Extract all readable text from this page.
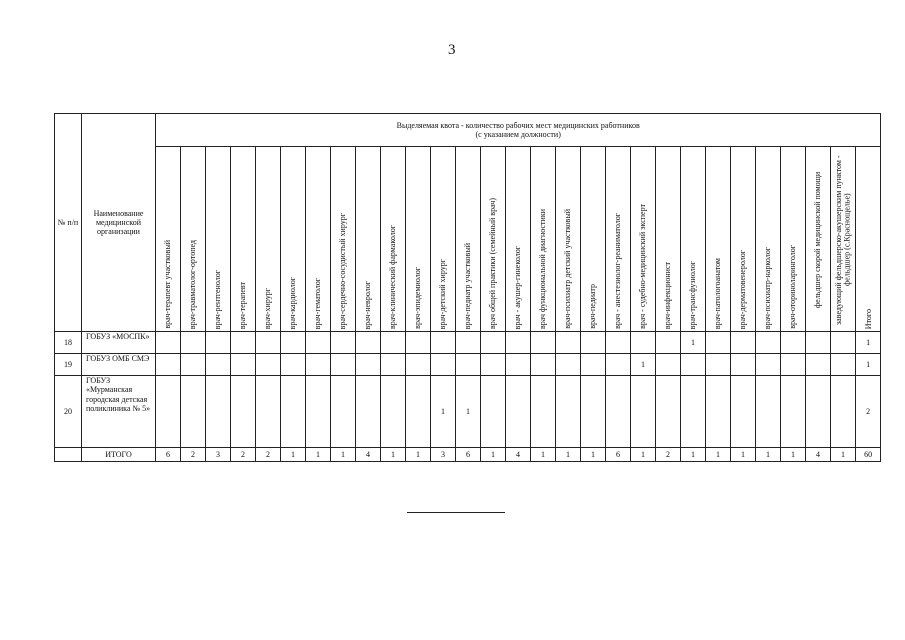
3
№ п/п	Наименование медицинской организации	Выделяемая квота - количество рабочих мест медицинских работников
(с указанием должности)																												

		врач-терапевт участковый	врач-травматолог-ортопед	врач-рентгенолог	врач-терапевт	врач-хирург	врач-кардиолог	врач-гематолог	врач-сердечно-сосудистый хирург	врач-невролог	врач-клинический фармаколог	врач-эпидемиолог	врач-детский хирург	врач-педиатр участковый	врач общей практики (семейный врач)	врач - акушер-гинеколог	врач функциональной диагностики	врач-психиатр детский участковый	врач-педиатр	врач - анестезиолог-реаниматолог	врач - судебно-медицинский эксперт	врач-инфекционист	врач-трансфузиолог	врач-патологоанатом	врач-дерматовенеролог	врач-психиатр-нарколог	врач-оториноларинголог	фельдшер скорой медицинской помощи	заведующий фельдшерско-акушерским пунктом - фельдшер (с.Краснощелье)	Итого
18	ГОБУЗ «МОСПК»																						1							1
19	ГОБУЗ ОМБ СМЭ																				1									1
20	ГОБУЗ «Мурманская городская детская поликлиника № 5»												1	1																2
	ИТОГО	6	2	3	2	2	1	1	1	4	1	1	3	6	1	4	1	1	1	6	1	2	1	1	1	1	1	4	1	60
